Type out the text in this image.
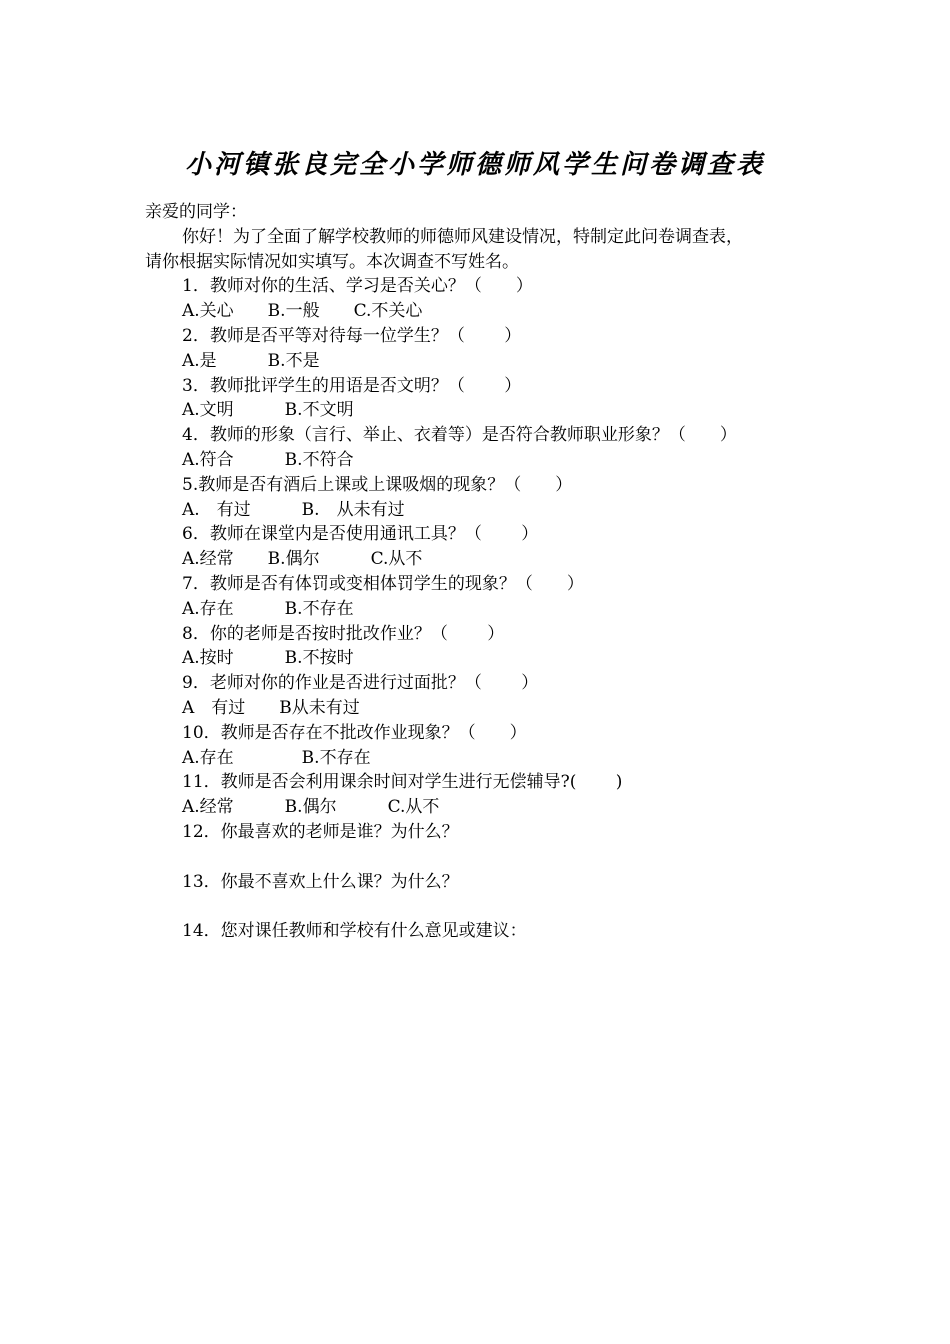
小河镇张良完全小学师德师风学生问卷调查表
亲爱的同学：
你好！为了全面了解学校教师的师德师风建设情况，特制定此问卷调查表，
请你根据实际情况如实填写。本次调查不写姓名。
1．教师对你的生活、学习是否关心？（　　）
A.关心　　B.一般　　C.不关心
2．教师是否平等对待每一位学生？（　　 ）
A.是　　　B.不是
3．教师批评学生的用语是否文明？（　　 ）
A.文明　　　B.不文明
4．教师的形象（言行、举止、衣着等）是否符合教师职业形象？（　　）
A.符合　　　B.不符合
5.教师是否有酒后上课或上课吸烟的现象？（　　）
A.　有过　　　B.　从未有过
6．教师在课堂内是否使用通讯工具？（　　 ）
A.经常　　B.偶尔　　　C.从不
7．教师是否有体罚或变相体罚学生的现象？（　　）
A.存在　　　B.不存在
8．你的老师是否按时批改作业？（　　 ）
A.按时　　　B.不按时
9．老师对你的作业是否进行过面批？（　　 ）
A　有过　　B从未有过
10．教师是否存在不批改作业现象？（　　）
A.存在　　　　B.不存在
11．教师是否会利用课余时间对学生进行无偿辅导?(　　 )
A.经常　　　B.偶尔　　　C.从不
12．你最喜欢的老师是谁？为什么？
13．你最不喜欢上什么课？为什么？
14．您对课任教师和学校有什么意见或建议：
